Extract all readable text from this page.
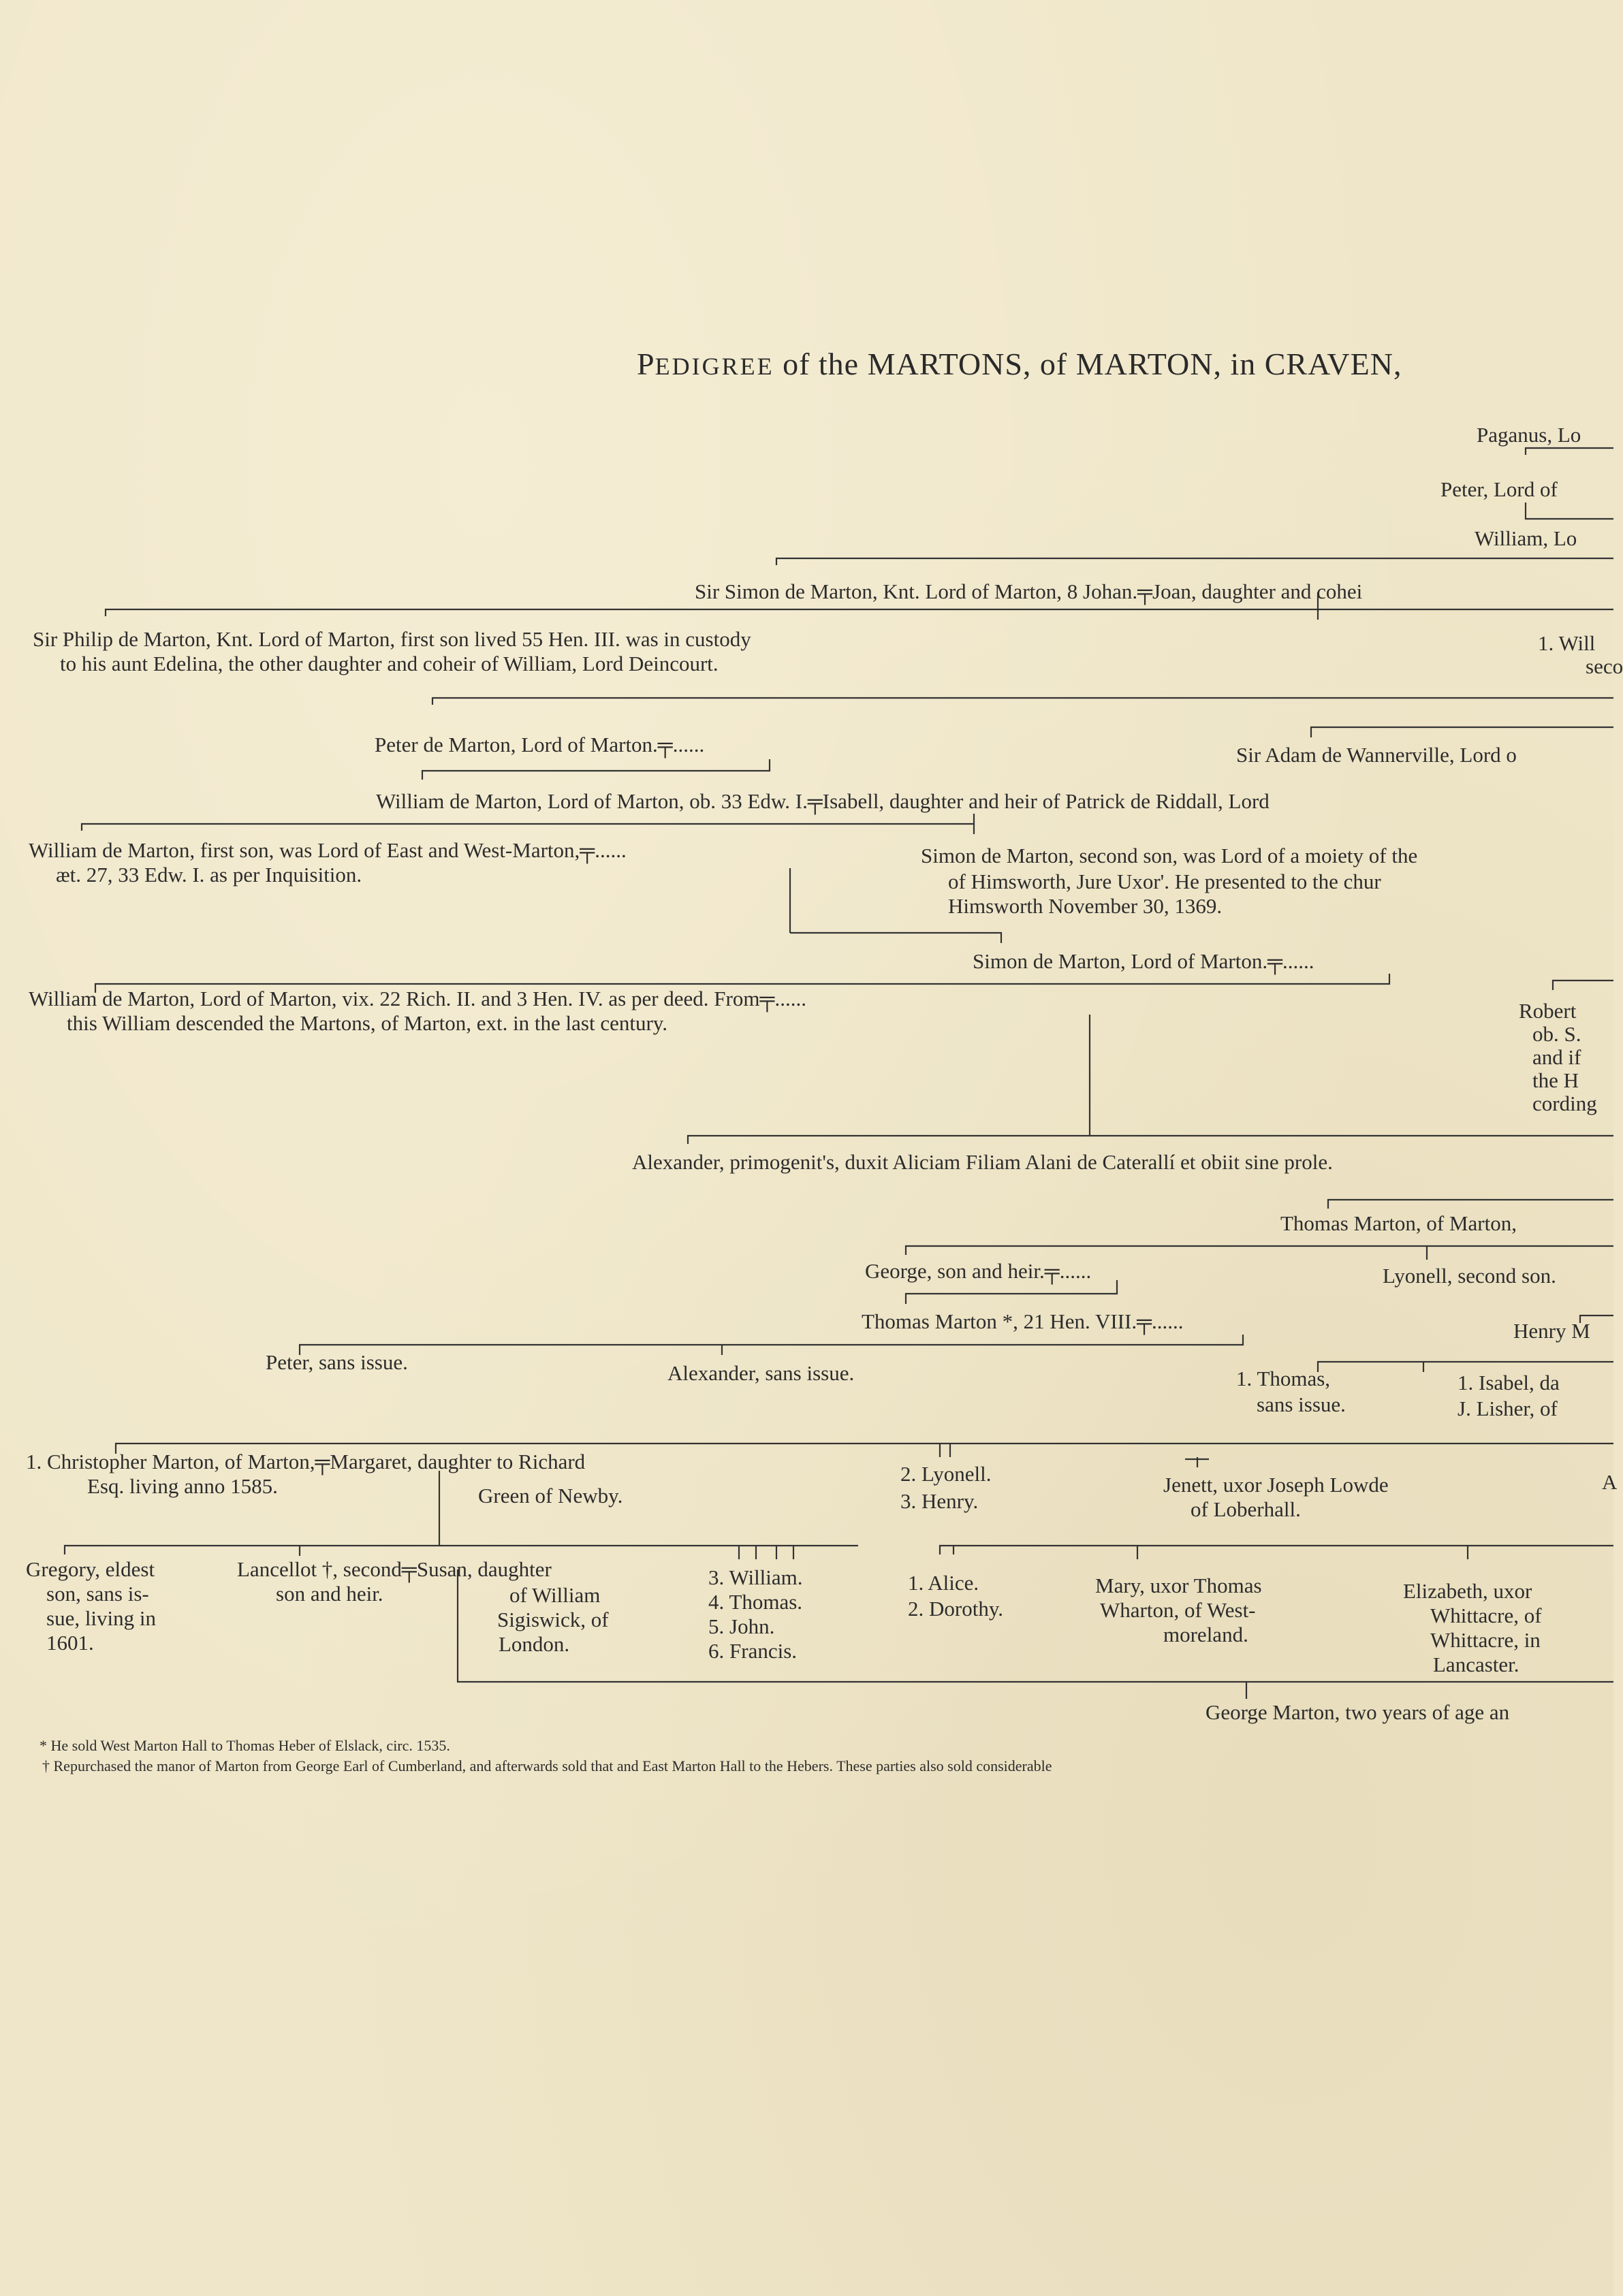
PEDIGREE of the MARTONS, of MARTON, in CRAVEN,
Paganus, Lo
Peter, Lord of
William, Lo
Sir Simon de Marton, Knt. Lord of Marton, 8 Johan.╤Joan, daughter and cohei
Sir Philip de Marton, Knt. Lord of Marton, first son lived 55 Hen. III. was in custody
to his aunt Edelina, the other daughter and coheir of William, Lord Deincourt.
1. Will
seco
Peter de Marton, Lord of Marton.╤......	Sir Adam de Wannerville, Lord o
William de Marton, Lord of Marton, ob. 33 Edw. I.╤Isabell, daughter and heir of Patrick de Riddall, Lord
William de Marton, first son, was Lord of East and West-Marton,╤......
æt. 27, 33 Edw. I. as per Inquisition.
Simon de Marton, second son, was Lord of a moiety of the
of Himsworth, Jure Uxor'. He presented to the chur
Himsworth November 30, 1369.
Simon de Marton, Lord of Marton.╤......
William de Marton, Lord of Marton, vix. 22 Rich. II. and 3 Hen. IV. as per deed. From╤......
this William descended the Martons, of Marton, ext. in the last century.
Robert
ob. S.
and if
the H
cording
Alexander, primogenit's, duxit Aliciam Filiam Alani de Caterallí et obiit sine prole.
Thomas Marton, of Marton,
George, son and heir.╤......	Lyonell, second son.
Thomas Marton *, 21 Hen. VIII.╤......	Henry M
Peter, sans issue.	Alexander, sans issue.	1. Thomas,
sans issue.
1. Isabel, da
J. Lisher, of
1. Christopher Marton, of Marton,╤Margaret, daughter to Richard
Esq. living anno 1585.	Green of Newby.
2. Lyonell.
3. Henry.
Jenett, uxor Joseph Lowde
of Loberhall.
A
Gregory, eldest
son, sans is-
sue, living in
1601.
Lancellot †, second╤Susan, daughter
son and heir.	of William
Sigiswick, of
London.
3. William.
4. Thomas.
5. John.
6. Francis.
1. Alice.
2. Dorothy.
Mary, uxor Thomas
Wharton, of West-
moreland.
Elizabeth, uxor
Whittacre, of
Whittacre, in
Lancaster.
George Marton, two years of age an
* He sold West Marton Hall to Thomas Heber of Elslack, circ. 1535.
† Repurchased the manor of Marton from George Earl of Cumberland, and afterwards sold that and East Marton Hall to the Hebers. These parties also sold considerable
